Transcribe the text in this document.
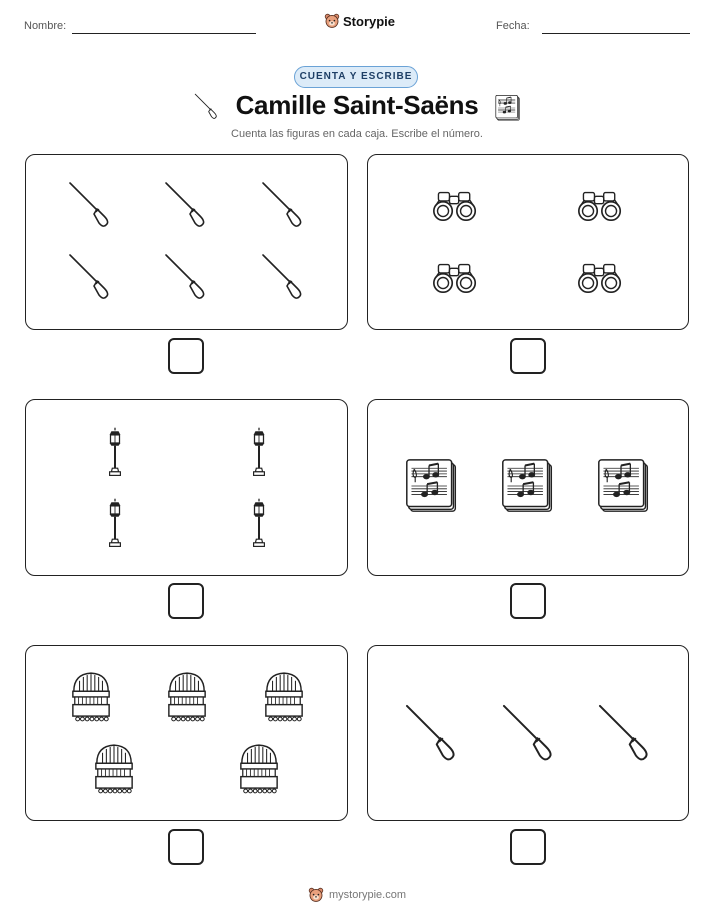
Nombre:	Storypie	Fecha:
CUENTA Y ESCRIBE
Camille Saint-Saëns
Cuenta las figuras en cada caja. Escribe el número.
mystorypie.com
